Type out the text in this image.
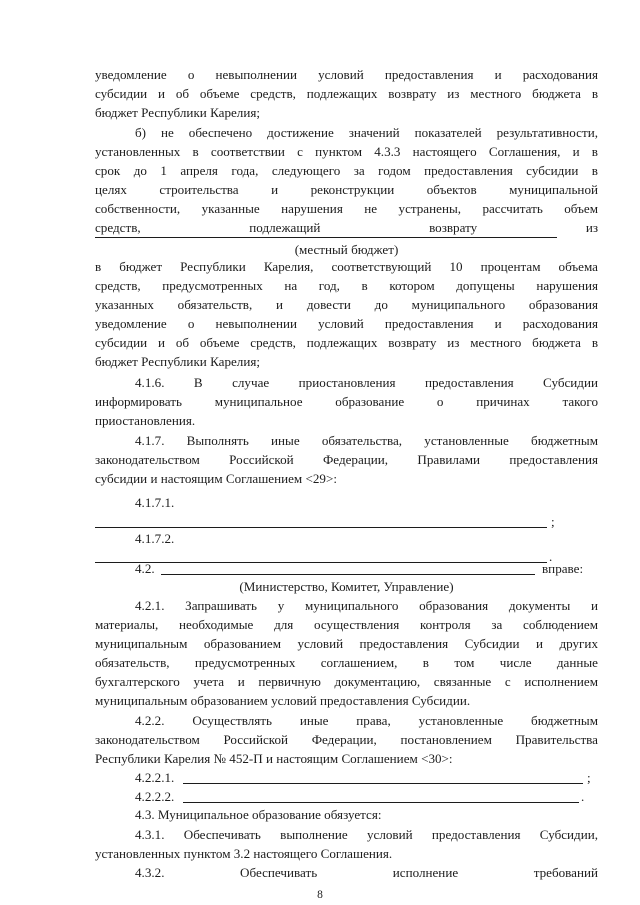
уведомление о невыполнении условий предоставления и расходования
субсидии и об объеме средств, подлежащих возврату из местного бюджета в
бюджет Республики Карелия;
б) не обеспечено достижение значений показателей результативности,
установленных в соответствии с пунктом 4.3.3 настоящего Соглашения, и в
срок до 1 апреля года, следующего за годом предоставления субсидии в
целях строительства и реконструкции объектов муниципальной
собственности, указанные нарушения не устранены, рассчитать объем
средств, подлежащий возврату из
(местный бюджет)
в бюджет Республики Карелия, соответствующий 10 процентам объема
средств, предусмотренных на год, в котором допущены нарушения
указанных обязательств, и довести до муниципального образования
уведомление о невыполнении условий предоставления и расходования
субсидии и об объеме средств, подлежащих возврату из местного бюджета в
бюджет Республики Карелия;
4.1.6. В случае приостановления предоставления Субсидии
информировать муниципальное образование о причинах такого
приостановления.
4.1.7. Выполнять иные обязательства, установленные бюджетным
законодательством Российской Федерации, Правилами предоставления
субсидии и настоящим Соглашением <29>:
4.1.7.1.
;
4.1.7.2.
.
4.2.	вправе:
(Министерство, Комитет, Управление)
4.2.1. Запрашивать у муниципального образования документы и
материалы, необходимые для осуществления контроля за соблюдением
муниципальным образованием условий предоставления Субсидии и других
обязательств, предусмотренных соглашением, в том числе данные
бухгалтерского учета и первичную документацию, связанные с исполнением
муниципальным образованием условий предоставления Субсидии.
4.2.2. Осуществлять иные права, установленные бюджетным
законодательством Российской Федерации, постановлением Правительства
Республики Карелия № 452-П и настоящим Соглашением <30>:
4.2.2.1.	;
4.2.2.2.	.
4.3. Муниципальное образование обязуется:
4.3.1. Обеспечивать выполнение условий предоставления Субсидии,
установленных пунктом 3.2 настоящего Соглашения.
4.3.2. Обеспечивать исполнение требований
8
